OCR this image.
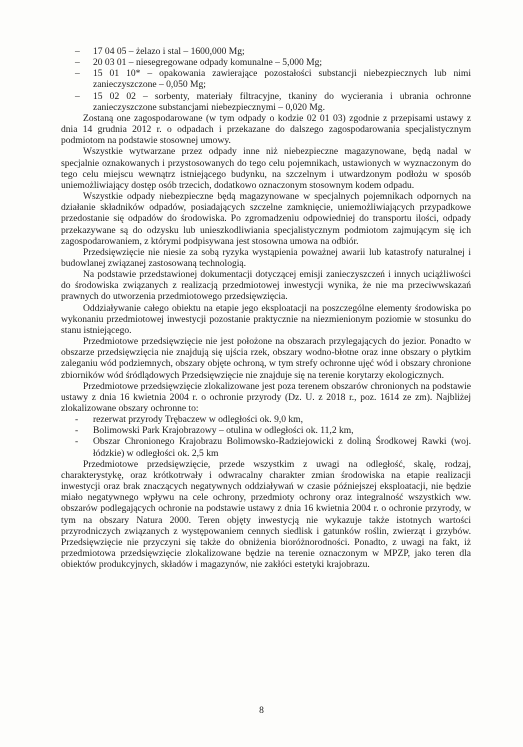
– 17 04 05 – żelazo i stal – 1600,000 Mg;

– 20 03 01 – niesegregowane odpady komunalne – 5,000 Mg;

– 15 01 10* – opakowania zawierające pozostałości substancji niebezpiecznych lub nimi zanieczyszczone – 0,050 Mg;

– 15 02 02 – sorbenty, materiały filtracyjne, tkaniny do wycierania i ubrania ochronne zanieczyszczone substancjami niebezpiecznymi – 0,020 Mg.

Zostaną one zagospodarowane (w tym odpady o kodzie 02 01 03) zgodnie z przepisami ustawy z dnia 14 grudnia 2012 r. o odpadach i przekazane do dalszego zagospodarowania specjalistycznym podmiotom na podstawie stosownej umowy.

Wszystkie wytwarzane przez odpady inne niż niebezpieczne magazynowane, będą nadal w specjalnie oznakowanych i przystosowanych do tego celu pojemnikach, ustawionych w wyznaczonym do tego celu miejscu wewnątrz istniejącego budynku, na szczelnym i utwardzonym podłożu w sposób uniemożliwiający dostęp osób trzecich, dodatkowo oznaczonym stosownym kodem odpadu.

Wszystkie odpady niebezpieczne będą magazynowane w specjalnych pojemnikach odpornych na działanie składników odpadów, posiadających szczelne zamknięcie, uniemożliwiających przypadkowe przedostanie się odpadów do środowiska. Po zgromadzeniu odpowiedniej do transportu ilości, odpady przekazywane są do odzysku lub unieszkodliwiania specjalistycznym podmiotom zajmującym się ich zagospodarowaniem, z którymi podpisywana jest stosowna umowa na odbiór.

Przedsięwzięcie nie niesie za sobą ryzyka wystąpienia poważnej awarii lub katastrofy naturalnej i budowlanej związanej zastosowaną technologią.

Na podstawie przedstawionej dokumentacji dotyczącej emisji zanieczyszczeń i innych uciążliwości do środowiska związanych z realizacją przedmiotowej inwestycji wynika, że nie ma przeciwwskazań prawnych do utworzenia przedmiotowego przedsięwzięcia.

Oddziaływanie całego obiektu na etapie jego eksploatacji na poszczególne elementy środowiska po wykonaniu przedmiotowej inwestycji pozostanie praktycznie na niezmienionym poziomie w stosunku do stanu istniejącego.

Przedmiotowe przedsięwzięcie nie jest położone na obszarach przylegających do jezior. Ponadto w obszarze przedsięwzięcia nie znajdują się ujścia rzek, obszary wodno-błotne oraz inne obszary o płytkim zaleganiu wód podziemnych, obszary objęte ochroną, w tym strefy ochronne ujęć wód i obszary chronione zbiorników wód śródlądowych Przedsięwzięcie nie znajduje się na terenie korytarzy ekologicznych.

Przedmiotowe przedsięwzięcie zlokalizowane jest poza terenem obszarów chronionych na podstawie ustawy z dnia 16 kwietnia 2004 r. o ochronie przyrody (Dz. U. z 2018 r., poz. 1614 ze zm). Najbliżej zlokalizowane obszary ochronne to:

- rezerwat przyrody Trębaczew w odległości ok. 9,0 km,

- Bolimowski Park Krajobrazowy – otulina w odległości ok. 11,2 km,

- Obszar Chronionego Krajobrazu Bolimowsko-Radziejowicki z doliną Środkowej Rawki (woj. łódzkie) w odległości ok. 2,5 km

Przedmiotowe przedsięwzięcie, przede wszystkim z uwagi na odległość, skalę, rodzaj, charakterystykę, oraz krótkotrwały i odwracalny charakter zmian środowiska na etapie realizacji inwestycji oraz brak znaczących negatywnych oddziaływań w czasie późniejszej eksploatacji, nie będzie miało negatywnego wpływu na cele ochrony, przedmioty ochrony oraz integralność wszystkich ww. obszarów podlegających ochronie na podstawie ustawy z dnia 16 kwietnia 2004 r. o ochronie przyrody, w tym na obszary Natura 2000. Teren objęty inwestycją nie wykazuje także istotnych wartości przyrodniczych związanych z występowaniem cennych siedlisk i gatunków roślin, zwierząt i grzybów. Przedsięwzięcie nie przyczyni się także do obniżenia bioróżnorodności. Ponadto, z uwagi na fakt, iż przedmiotowa przedsięwzięcie zlokalizowane będzie na terenie oznaczonym w MPZP, jako teren dla obiektów produkcyjnych, składów i magazynów, nie zakłóci estetyki krajobrazu.

8
